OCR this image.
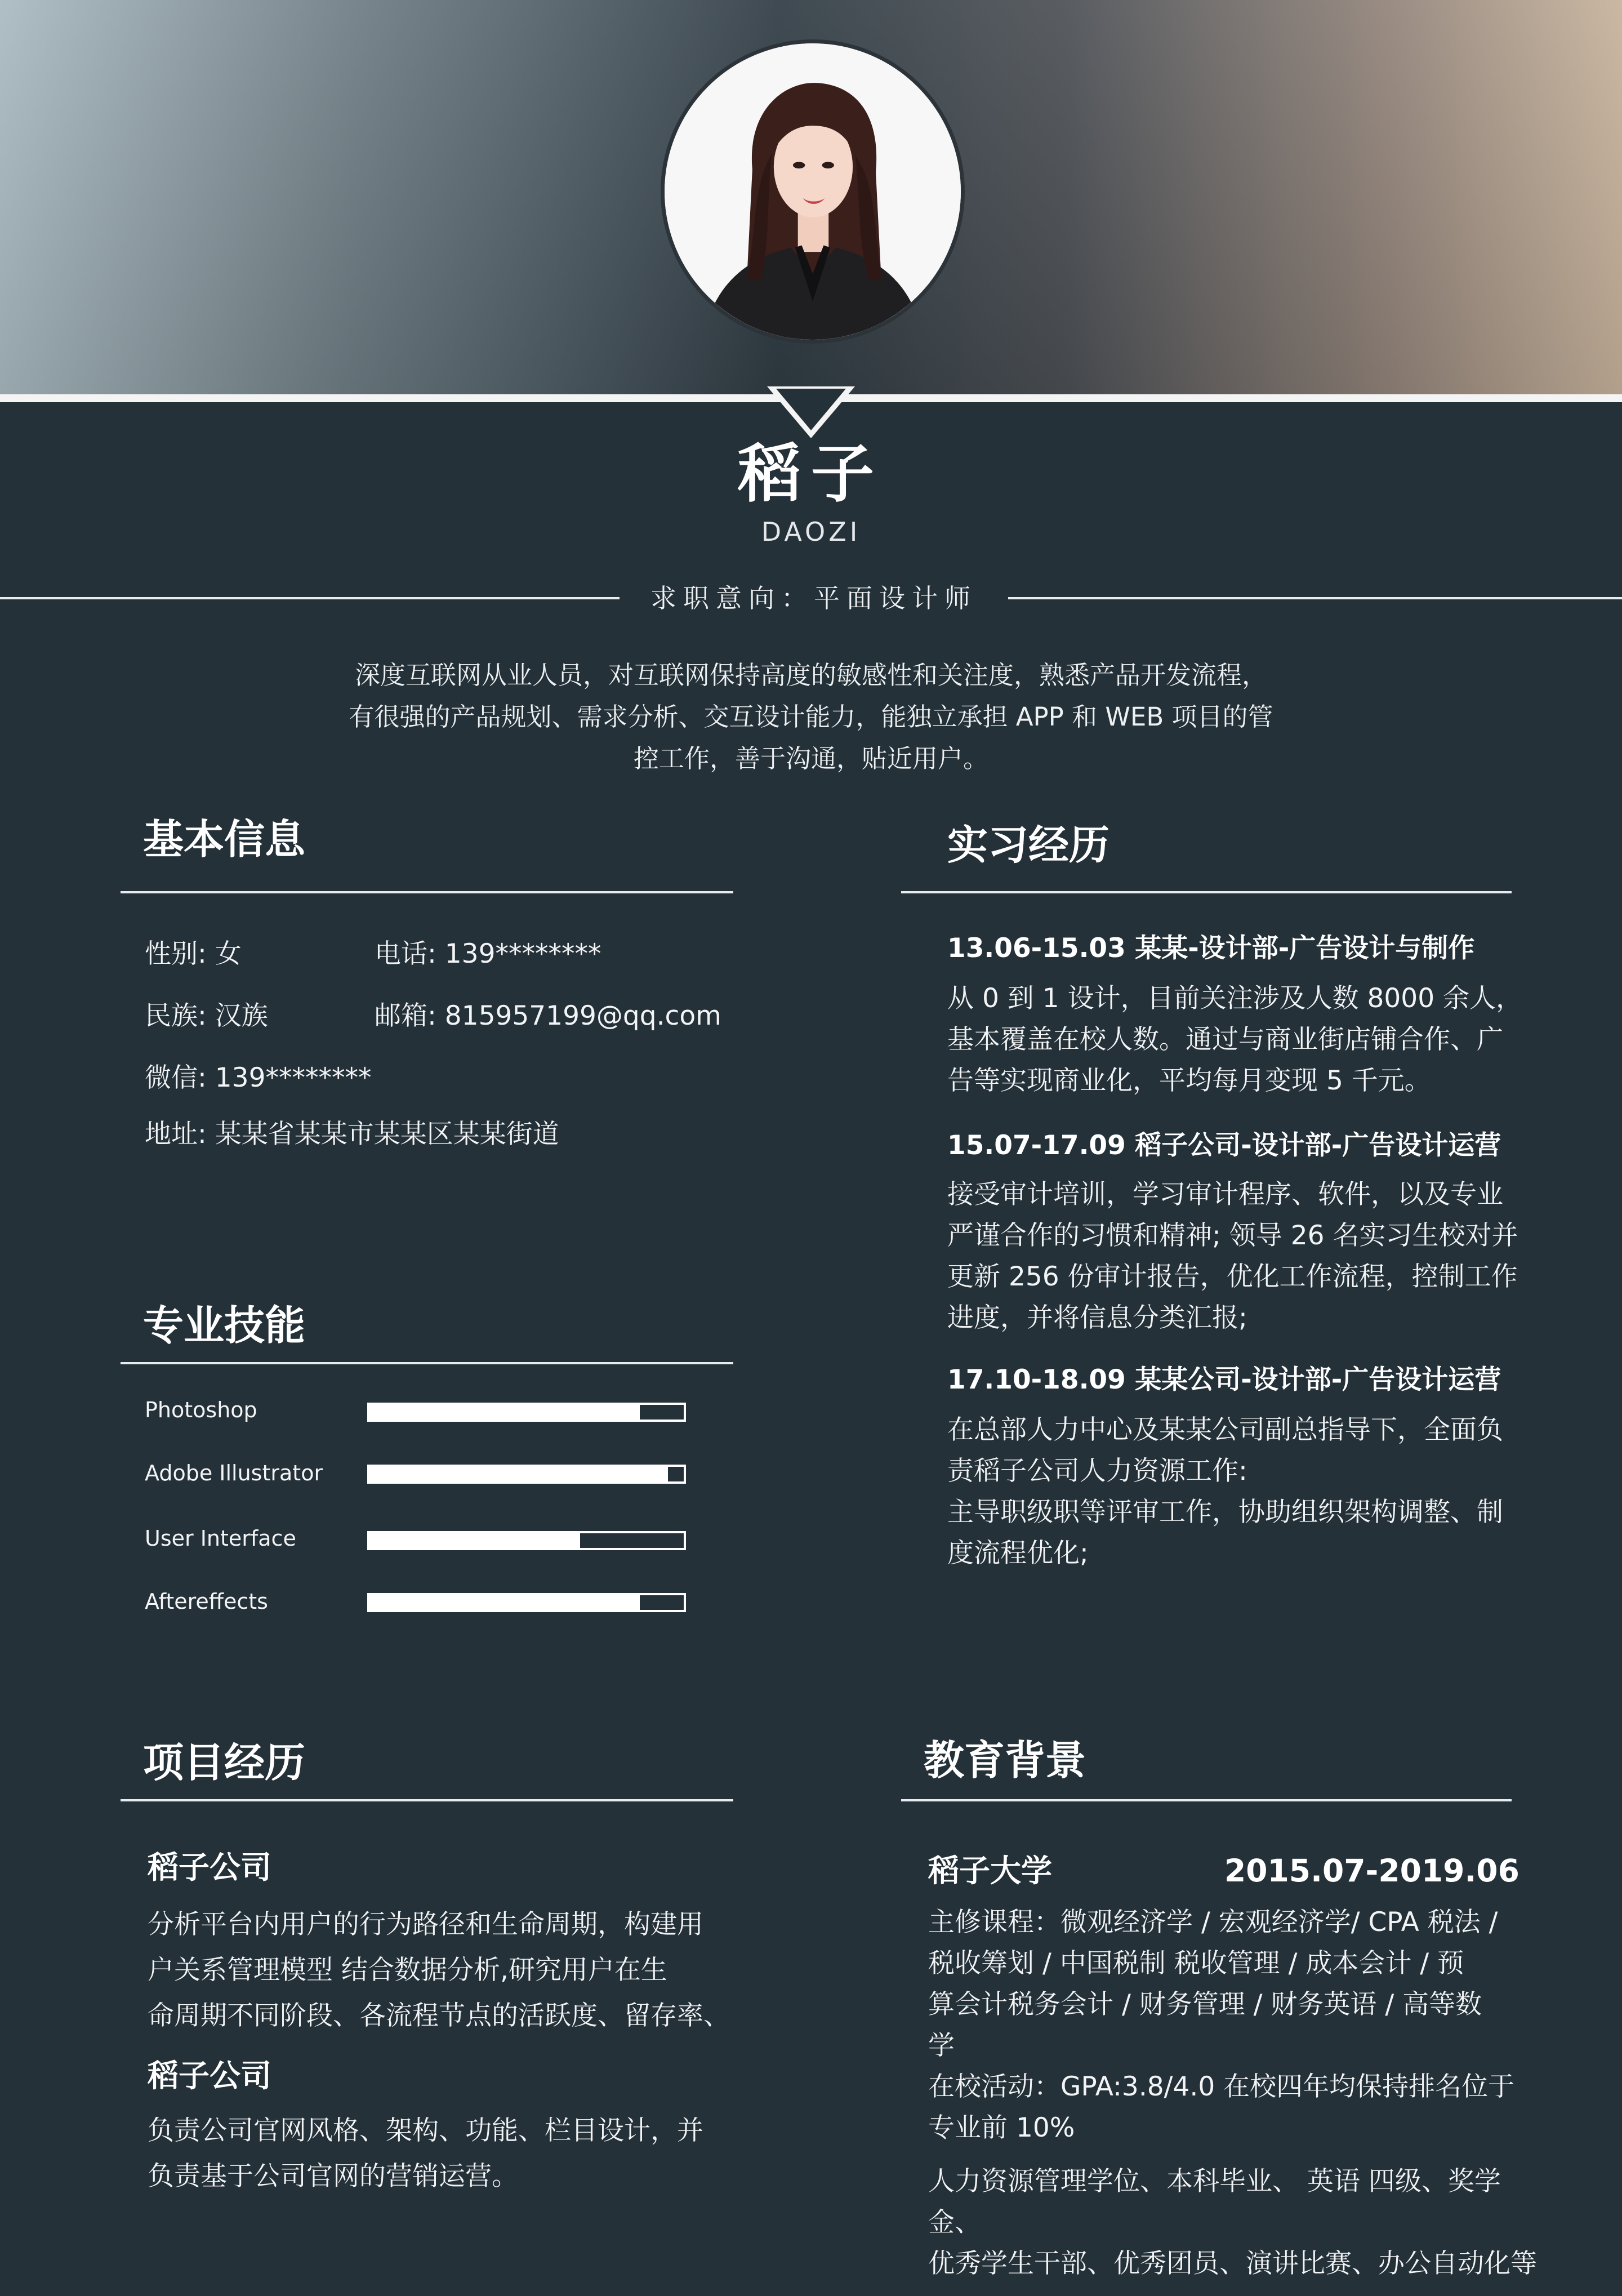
稻子
DAOZI
求职意向：平面设计师
深度互联网从业人员，对互联网保持高度的敏感性和关注度，熟悉产品开发流程，
有很强的产品规划、需求分析、交互设计能力，能独立承担 APP 和 WEB 项目的管
控工作，善于沟通，贴近用户。
基本信息
性别: 女	电话: 139********
民族: 汉族	邮箱: 815957199@qq.com
微信: 139********
地址: 某某省某某市某某区某某街道
专业技能
Photoshop
Adobe Illustrator
User Interface
Aftereffects
实习经历
13.06-15.03 某某-设计部-广告设计与制作
从 0 到 1 设计，目前关注涉及人数 8000 余人，
基本覆盖在校人数。通过与商业街店铺合作、广
告等实现商业化，平均每月变现 5 千元。
15.07-17.09 稻子公司-设计部-广告设计运营
接受审计培训，学习审计程序、软件，以及专业
严谨合作的习惯和精神; 领导 26 名实习生校对并
更新 256 份审计报告，优化工作流程，控制工作
进度，并将信息分类汇报;
17.10-18.09 某某公司-设计部-广告设计运营
在总部人力中心及某某公司副总指导下，全面负
责稻子公司人力资源工作:
主导职级职等评审工作，协助组织架构调整、制
度流程优化;
项目经历
稻子公司
分析平台内用户的行为路径和生命周期，构建用
户关系管理模型 结合数据分析,研究用户在生
命周期不同阶段、各流程节点的活跃度、留存率、
稻子公司
负责公司官网风格、架构、功能、栏目设计，并
负责基于公司官网的营销运营。
教育背景
稻子大学	2015.07-2019.06
主修课程：微观经济学 / 宏观经济学/ CPA 税法 /
税收筹划 / 中国税制 税收管理 / 成本会计 / 预
算会计税务会计 / 财务管理 / 财务英语 / 高等数
学
在校活动：GPA:3.8/4.0 在校四年均保持排名位于
专业前 10%
人力资源管理学位、本科毕业、 英语 四级、奖学金、
优秀学生干部、优秀团员、演讲比赛、办公自动化等
